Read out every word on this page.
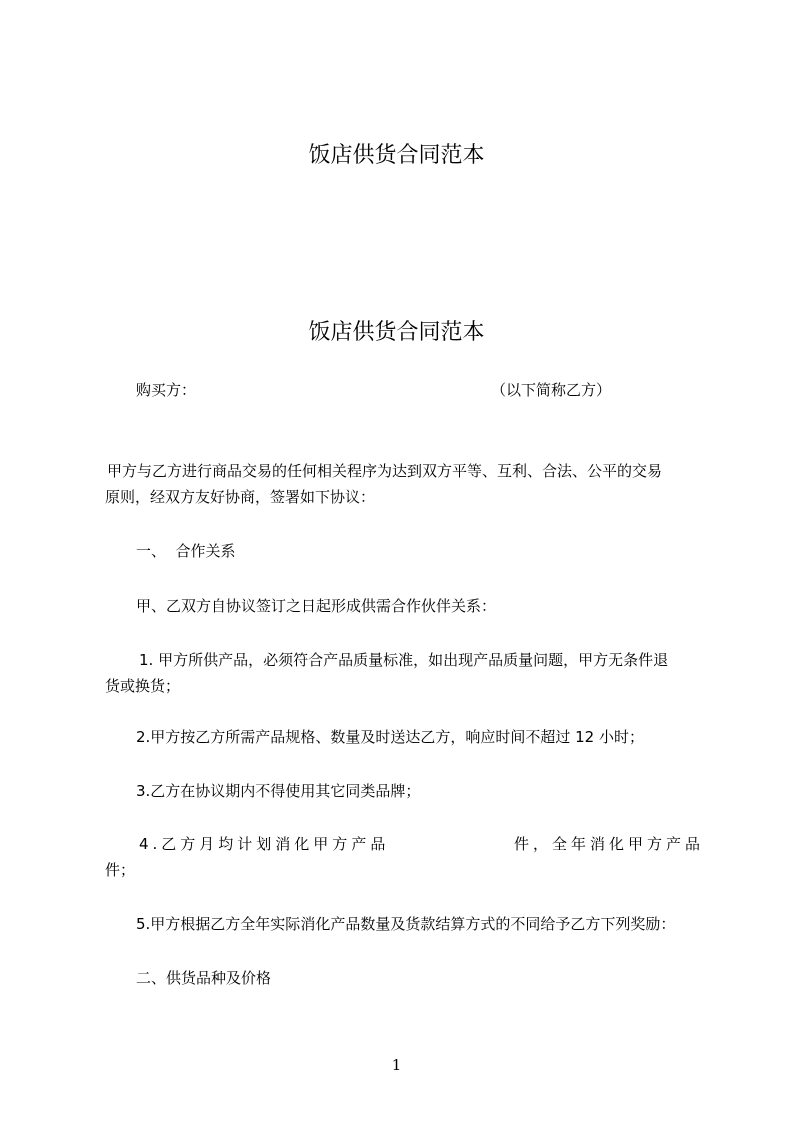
饭店供货合同范本
饭店供货合同范本
购买方：	（以下简称乙方）
甲方与乙方进行商品交易的任何相关程序为达到双方平等、互利、合法、公平的交易
原则，经双方友好协商，签署如下协议：
一、  合作关系
甲、乙双方自协议签订之日起形成供需合作伙伴关系：
1. 甲方所供产品，必须符合产品质量标准，如出现产品质量问题，甲方无条件退
货或换货；
2.甲方按乙方所需产品规格、数量及时送达乙方，响应时间不超过 12 小时；
3.乙方在协议期内不得使用其它同类品牌；
4.乙方月均计划消化甲方产品	件，全年消化甲方产品
件；
5.甲方根据乙方全年实际消化产品数量及货款结算方式的不同给予乙方下列奖励：
二、供货品种及价格
1
